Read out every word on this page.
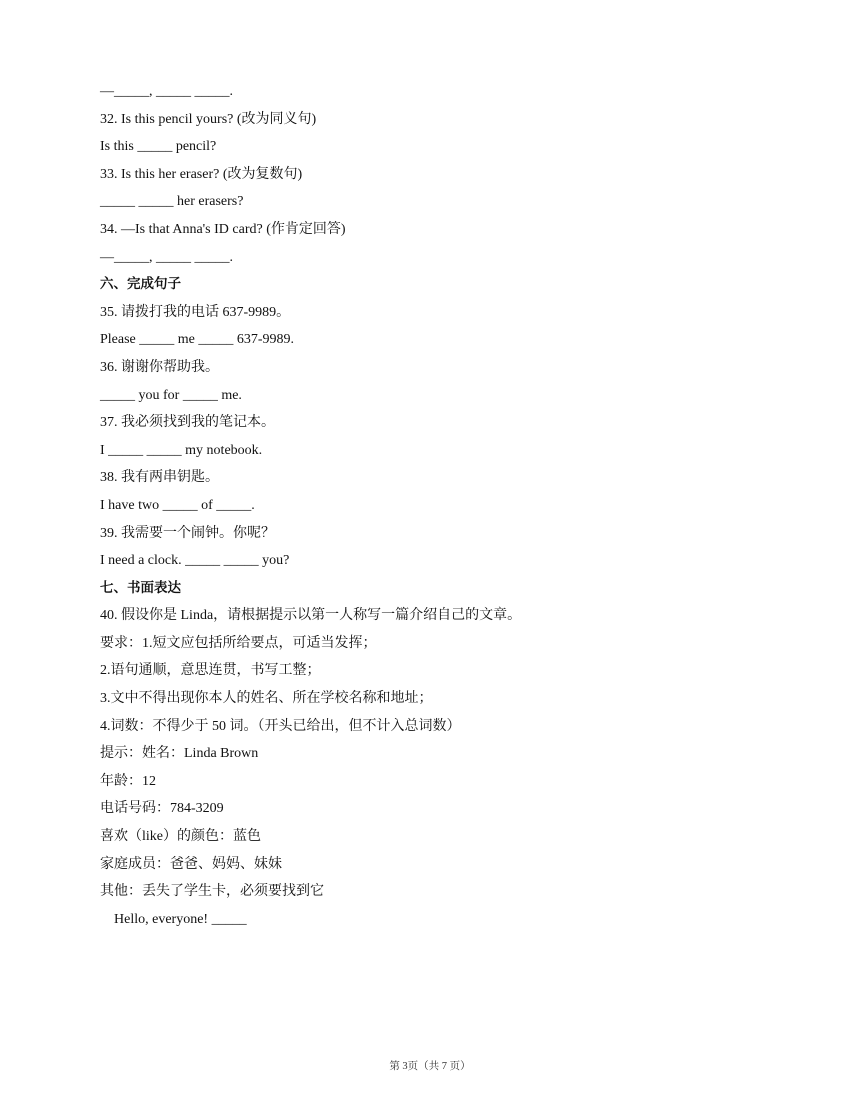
—_____, _____ _____.
32. Is this pencil yours? (改为同义句)
Is this _____ pencil?
33. Is this her eraser? (改为复数句)
_____ _____ her erasers?
34. —Is that Anna's ID card? (作肯定回答)
—_____, _____ _____.
六、完成句子
35. 请拨打我的电话 637-9989。
Please _____ me _____ 637-9989.
36. 谢谢你帮助我。
_____ you for _____ me.
37. 我必须找到我的笔记本。
I _____ _____ my notebook.
38. 我有两串钥匙。
I have two _____ of _____.
39. 我需要一个闹钟。你呢？
I need a clock. _____ _____ you?
七、书面表达
40. 假设你是 Linda，请根据提示以第一人称写一篇介绍自己的文章。
要求：1.短文应包括所给要点，可适当发挥；
2.语句通顺，意思连贯，书写工整；
3.文中不得出现你本人的姓名、所在学校名称和地址；
4.词数：不得少于 50 词。（开头已给出，但不计入总词数）
提示：姓名：Linda Brown
年龄：12
电话号码：784-3209
喜欢（like）的颜色：蓝色
家庭成员：爸爸、妈妈、妹妹
其他：丢失了学生卡，必须要找到它
Hello, everyone! _____
第 3页（共 7 页）
